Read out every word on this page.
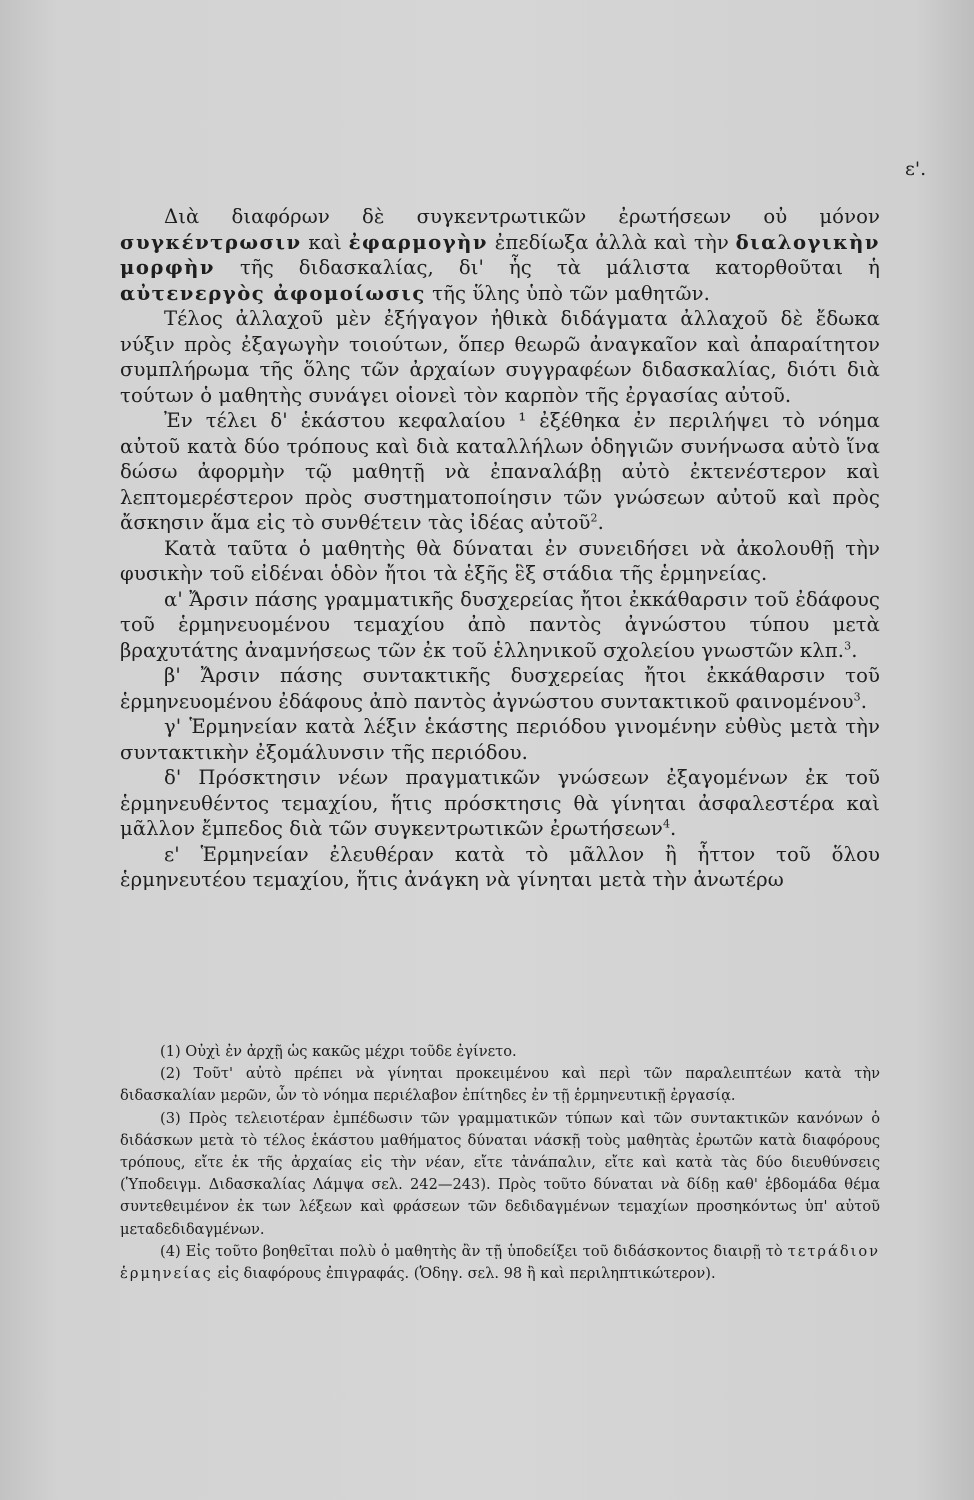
ε'.

Διὰ διαφόρων δὲ συγκεντρωτικῶν ἐρωτήσεων οὐ μόνον συγκέντρωσιν καὶ ἐφαρμογὴν ἐπεδίωξα ἀλλὰ καὶ τὴν διαλογικὴν μορφὴν τῆς διδασκαλίας, δι' ἧς τὰ μάλιστα κατορθοῦται ἡ αὐτενεργὸς ἀφομοίωσις τῆς ὕλης ὑπὸ τῶν μαθητῶν.

Τέλος ἀλλαχοῦ μὲν ἐξήγαγον ἠθικὰ διδάγματα ἀλλαχοῦ δὲ ἔδωκα νύξιν πρὸς ἐξαγωγὴν τοιούτων, ὅπερ θεωρῶ ἀναγκαῖον καὶ ἀπαραίτητον συμπλήρωμα τῆς ὅλης τῶν ἀρχαίων συγγραφέων διδασκαλίας, διότι διὰ τούτων ὁ μαθητὴς συνάγει οἱονεὶ τὸν καρπὸν τῆς ἐργασίας αὐτοῦ.

Ἐν τέλει δ' ἑκάστου κεφαλαίου ¹ ἐξέθηκα ἐν περιλήψει τὸ νόημα αὐτοῦ κατὰ δύο τρόπους καὶ διὰ καταλλήλων ὁδηγιῶν συνήνωσα αὐτὸ ἵνα δώσω ἀφορμὴν τῷ μαθητῇ νὰ ἐπαναλάβῃ αὐτὸ ἐκτενέστερον καὶ λεπτομερέστερον πρὸς συστηματοποίησιν τῶν γνώσεων αὐτοῦ καὶ πρὸς ἄσκησιν ἅμα εἰς τὸ συνθέτειν τὰς ἰδέας αὐτοῦ$^2$.

Κατὰ ταῦτα ὁ μαθητὴς θὰ δύναται ἐν συνειδήσει νὰ ἀκολουθῇ τὴν φυσικὴν τοῦ εἰδέναι ὁδὸν ἤτοι τὰ ἑξῆς ἓξ στάδια τῆς ἑρμηνείας.

α' Ἄρσιν πάσης γραμματικῆς δυσχερείας ἤτοι ἐκκάθαρσιν τοῦ ἐδάφους τοῦ ἑρμηνευομένου τεμαχίου ἀπὸ παντὸς ἀγνώστου τύπου μετὰ βραχυτάτης ἀναμνήσεως τῶν ἐκ τοῦ ἑλληνικοῦ σχολείου γνωστῶν κλπ.$^3$.

β' Ἄρσιν πάσης συντακτικῆς δυσχερείας ἤτοι ἐκκάθαρσιν τοῦ ἑρμηνευομένου ἐδάφους ἀπὸ παντὸς ἀγνώστου συντακτικοῦ φαινομένου$^3$.

γ' Ἑρμηνείαν κατὰ λέξιν ἑκάστης περιόδου γινομένην εὐθὺς μετὰ τὴν συντακτικὴν ἐξομάλυνσιν τῆς περιόδου.

δ' Πρόσκτησιν νέων πραγματικῶν γνώσεων ἐξαγομένων ἐκ τοῦ ἑρμηνευθέντος τεμαχίου, ἥτις πρόσκτησις θὰ γίνηται ἀσφαλεστέρα καὶ μᾶλλον ἔμπεδος διὰ τῶν συγκεντρωτικῶν ἐρωτήσεων$^4$.

ε' Ἑρμηνείαν ἐλευθέραν κατὰ τὸ μᾶλλον ἢ ἧττον τοῦ ὅλου ἑρμηνευτέου τεμαχίου, ἥτις ἀνάγκη νὰ γίνηται μετὰ τὴν ἀνωτέρω

(1) Οὐχὶ ἐν ἀρχῇ ὡς κακῶς μέχρι τοῦδε ἐγίνετο.

(2) Τοῦτ' αὐτὸ πρέπει νὰ γίνηται προκειμένου καὶ περὶ τῶν παραλειπτέων κατὰ τὴν διδασκαλίαν μερῶν, ὧν τὸ νόημα περιέλαβον ἐπίτηδες ἐν τῇ ἑρμηνευτικῇ ἐργασίᾳ.

(3) Πρὸς τελειοτέραν ἐμπέδωσιν τῶν γραμματικῶν τύπων καὶ τῶν συντακτικῶν κανόνων ὁ διδάσκων μετὰ τὸ τέλος ἑκάστου μαθήματος δύναται νάσκῇ τοὺς μαθητὰς ἐρωτῶν κατὰ διαφόρους τρόπους, εἴτε ἐκ τῆς ἀρχαίας εἰς τὴν νέαν, εἴτε τἀνάπαλιν, εἴτε καὶ κατὰ τὰς δύο διευθύνσεις (Ὑποδειγμ. Διδασκαλίας Λάμψα σελ. 242—243). Πρὸς τοῦτο δύναται νὰ δίδῃ καθ' ἑβδομάδα θέμα συντεθειμένον ἐκ των λέξεων καὶ φράσεων τῶν δεδιδαγμένων τεμαχίων προσηκόντως ὑπ' αὐτοῦ μεταδεδιδαγμένων.

(4) Εἰς τοῦτο βοηθεῖται πολὺ ὁ μαθητὴς ἂν τῇ ὑποδείξει τοῦ διδάσκοντος διαιρῇ τὸ τετράδιον ἑρμηνείας εἰς διαφόρους ἐπιγραφάς. (Ὁδηγ. σελ. 98 ἢ καὶ περιληπτικώτερον).
